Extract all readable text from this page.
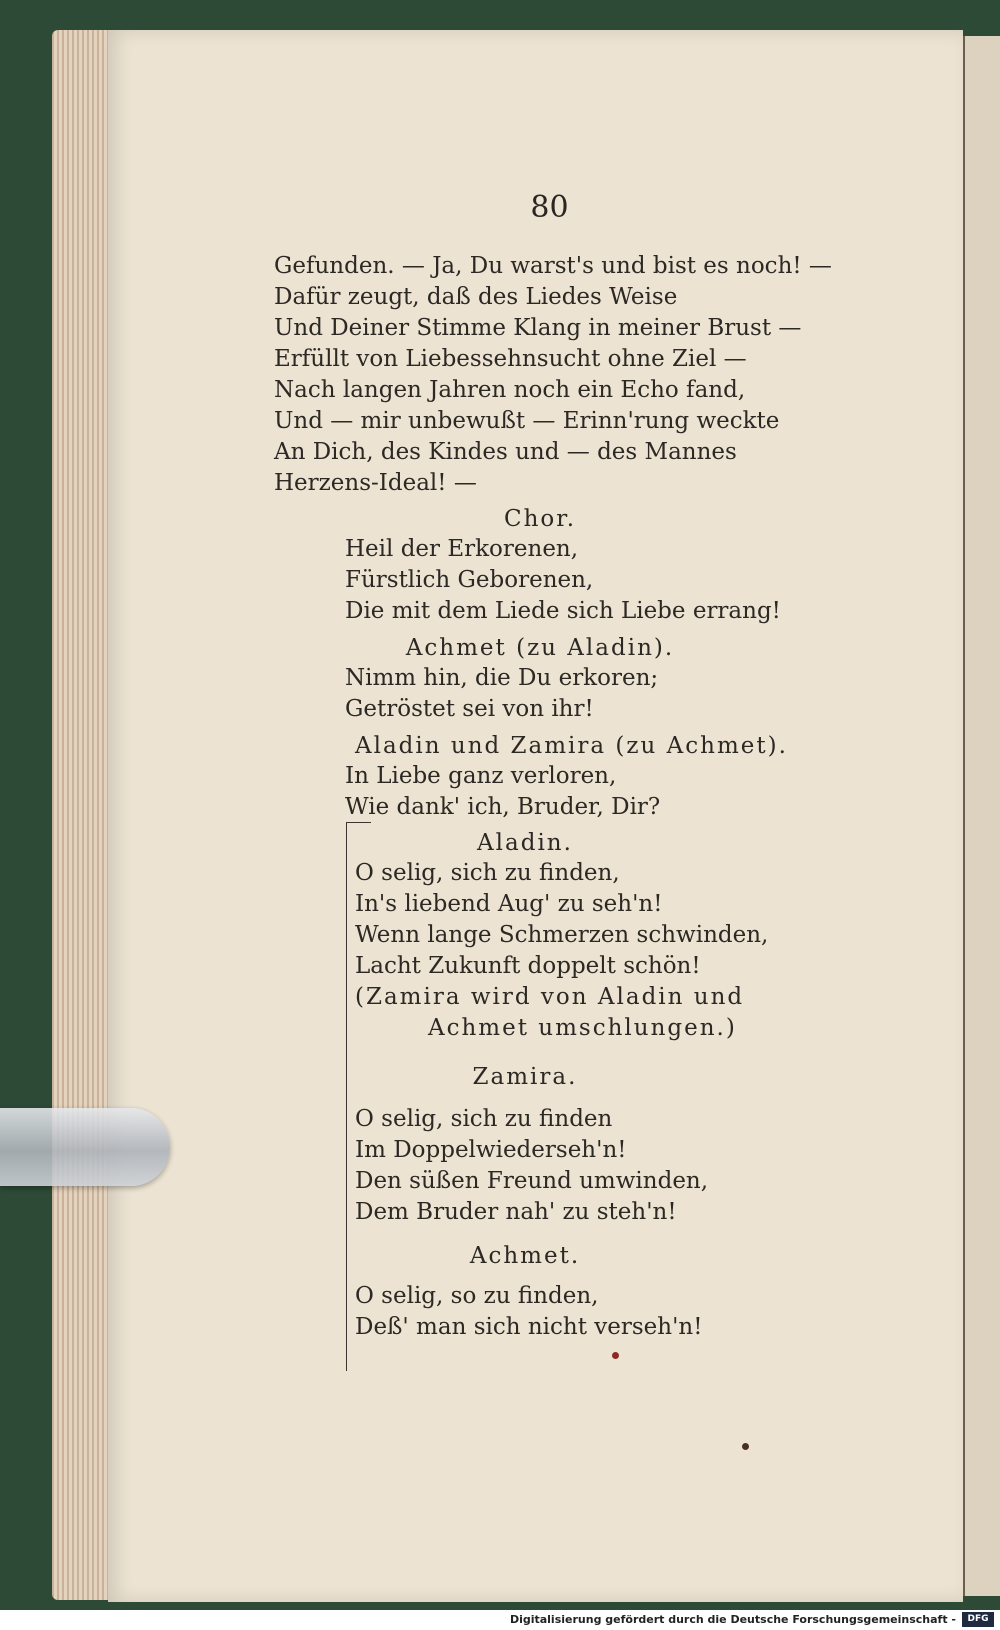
80
Gefunden. — Ja, Du warst's und bist es noch! —
Dafür zeugt, daß des Liedes Weise
Und Deiner Stimme Klang in meiner Brust —
Erfüllt von Liebessehnsucht ohne Ziel —
Nach langen Jahren noch ein Echo fand,
Und — mir unbewußt — Erinn'rung weckte
An Dich, des Kindes und — des Mannes
Herzens-Ideal! —
Chor.
Heil der Erkorenen,
Fürstlich Geborenen,
Die mit dem Liede sich Liebe errang!
Achmet (zu Aladin).
Nimm hin, die Du erkoren;
Getröstet sei von ihr!
Aladin und Zamira (zu Achmet).
In Liebe ganz verloren,
Wie dank' ich, Bruder, Dir?
Aladin.
O selig, sich zu finden,
In's liebend Aug' zu seh'n!
Wenn lange Schmerzen schwinden,
Lacht Zukunft doppelt schön!
(Zamira wird von Aladin und
Achmet umschlungen.)
Zamira.
O selig, sich zu finden
Im Doppelwiederseh'n!
Den süßen Freund umwinden,
Dem Bruder nah' zu steh'n!
Achmet.
O selig, so zu finden,
Deß' man sich nicht verseh'n!
Digitalisierung gefördert durch die Deutsche Forschungsgemeinschaft -	DFG
